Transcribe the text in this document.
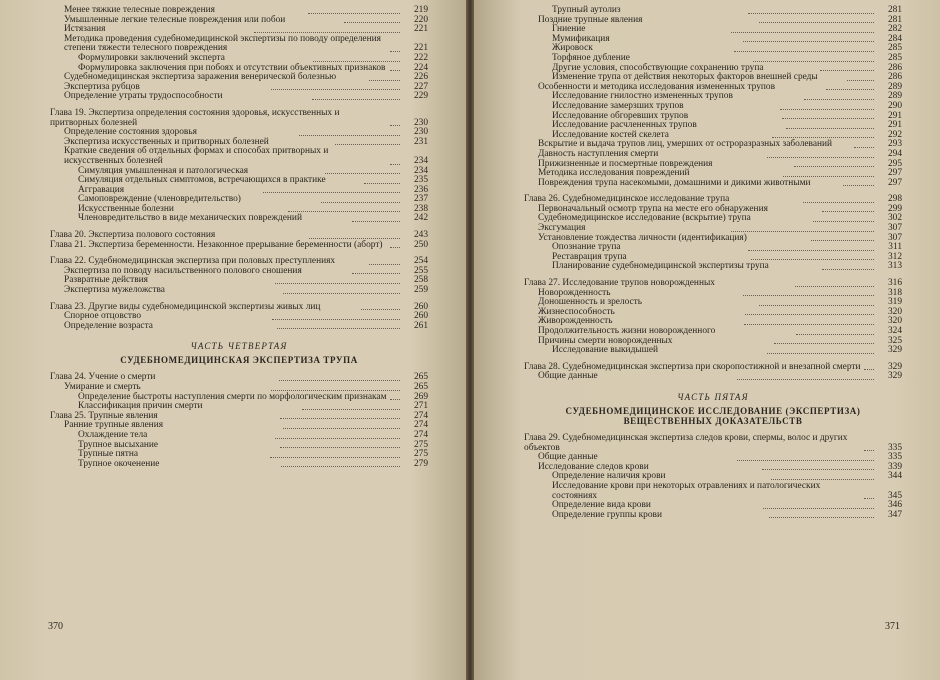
Менее тяжкие телесные повреждения	219
Умышленные легкие телесные повреждения или побои	220
Истязания	221
Методика проведения судебномедицинской экспертизы по поводу определения степени тяжести телесного повреждения	221
Формулировки заключений эксперта	222
Формулировка заключения при побоях и отсутствии объективных признаков	224
Судебномедицинская экспертиза заражения венерической болезнью	226
Экспертиза рубцов	227
Определение утраты трудоспособности	229
Глава 19. Экспертиза определения состояния здоровья, искусственных и притворных болезней	230
Определение состояния здоровья	230
Экспертиза искусственных и притворных болезней	231
Краткие сведения об отдельных формах и способах притворных и искусственных болезней	234
Симуляция умышленная и патологическая	234
Симуляция отдельных симптомов, встречающихся в практике	235
Аггравация	236
Самоповреждение (членовредительство)	237
Искусственные болезни	238
Членовредительство в виде механических повреждений	242
Глава 20. Экспертиза полового состояния	243
Глава 21. Экспертиза беременности. Незаконное прерывание беременности (аборт)	250
Глава 22. Судебномедицинская экспертиза при половых преступлениях	254
Экспертиза по поводу насильственного полового сношения	255
Развратные действия	258
Экспертиза мужеложства	259
Глава 23. Другие виды судебномедицинской экспертизы живых лиц	260
Спорное отцовство	260
Определение возраста	261
ЧАСТЬ ЧЕТВЕРТАЯ
СУДЕБНОМЕДИЦИНСКАЯ ЭКСПЕРТИЗА ТРУПА
Глава 24. Учение о смерти	265
Умирание и смерть	265
Определение быстроты наступления смерти по морфологическим признакам	269
Классификация причин смерти	271
Глава 25. Трупные явления	274
Ранние трупные явления	274
Охлаждение тела	274
Трупное высыхание	275
Трупные пятна	275
Трупное окоченение	279
370
Трупный аутолиз	281
Поздние трупные явления	281
Гниение	282
Мумификация	284
Жировоск	285
Торфяное дубление	285
Другие условия, способствующие сохранению трупа	286
Изменение трупа от действия некоторых факторов внешней среды	286
Особенности и методика исследования измененных трупов	289
Исследование гнилостно измененных трупов	289
Исследование замерзших трупов	290
Исследование обгоревших трупов	291
Исследование расчлененных трупов	291
Исследование костей скелета	292
Вскрытие и выдача трупов лиц, умерших от остроразразных заболеваний	293
Давность наступления смерти	294
Прижизненные и посмертные повреждения	295
Методика исследования повреждений	297
Повреждения трупа насекомыми, домашними и дикими животными	297
Глава 26. Судебномедицинское исследование трупа	298
Первоначальный осмотр трупа на месте его обнаружения	299
Судебномедицинское исследование (вскрытие) трупа	302
Эксгумация	307
Установление тождества личности (идентификация)	307
Опознание трупа	311
Реставрация трупа	312
Планирование судебномедицинской экспертизы трупа	313
Глава 27. Исследование трупов новорожденных	316
Новорожденность	318
Доношенность и зрелость	319
Жизнеспособность	320
Живорожденность	320
Продолжительность жизни новорожденного	324
Причины смерти новорожденных	325
Исследование выкидышей	329
Глава 28. Судебномедицинская экспертиза при скоропостижной и внезапной смерти	329
Общие данные	329
ЧАСТЬ ПЯТАЯ
СУДЕБНОМЕДИЦИНСКОЕ ИССЛЕДОВАНИЕ (ЭКСПЕРТИЗА) ВЕЩЕСТВЕННЫХ ДОКАЗАТЕЛЬСТВ
Глава 29. Судебномедицинская экспертиза следов крови, спермы, волос и других объектов	335
Общие данные	335
Исследование следов крови	339
Определение наличия крови	344
Исследование крови при некоторых отравлениях и патологических состояниях	345
Определение вида крови	346
Определение группы крови	347
371
